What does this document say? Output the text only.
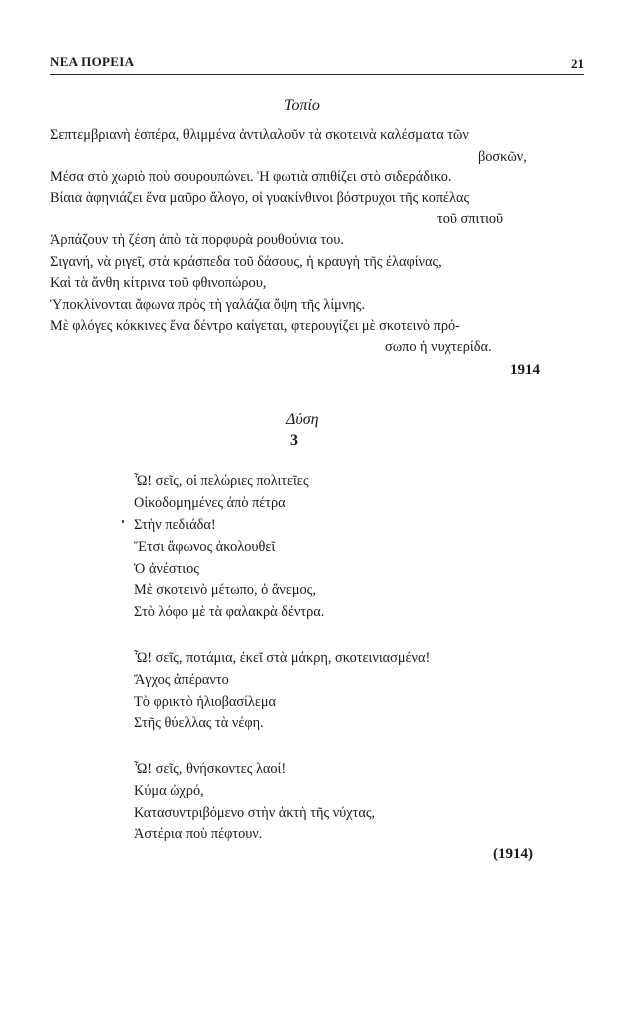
ΝΕΑ ΠΟΡΕΙΑ	21
Τοπίο
Σεπτεμβριανὴ ἑσπέρα, θλιμμένα ἀντιλαλοῦν τὰ σκοτεινὰ καλέσματα τῶν
βοσκῶν,
Μέσα στὸ χωριὸ ποὺ σουρουπώνει. Ἡ φωτιὰ σπιθίζει στὸ σιδεράδικο.
Βίαια ἀφηνιάζει ἕνα μαῦρο ἄλογο, οἱ γυακίνθινοι βόστρυχοι τῆς κοπέλας
τοῦ σπιτιοῦ
Ἁρπάζουν τὴ ζέση ἀπὸ τὰ πορφυρὰ ρουθούνια του.
Σιγανή, νὰ ριγεῖ, στὰ κράσπεδα τοῦ δάσους, ἡ κραυγὴ τῆς ἐλαφίνας,
Καὶ τὰ ἄνθη κίτρινα τοῦ φθινοπώρου,
Ὑποκλίνονται ἄφωνα πρὸς τὴ γαλάζια ὄψη τῆς λίμνης.
Μὲ φλόγες κόκκινες ἕνα δέντρο καίγεται, φτερουγίζει μὲ σκοτεινὸ πρό-
σωπο ἡ νυχτερίδα.
1914
Δύση
3
Ὦ! σεῖς, οἱ πελώριες πολιτεῖες
Οἰκοδομημένες ἀπὸ πέτρα
Στὴν πεδιάδα!
Ἔτσι ἄφωνος ἀκολουθεῖ
Ὁ ἀνέστιος
Μὲ σκοτεινὸ μέτωπο, ὁ ἄνεμος,
Στὸ λόφο μὲ τὰ φαλακρὰ δέντρα.
Ὦ! σεῖς, ποτάμια, ἐκεῖ στὰ μάκρη, σκοτεινιασμένα!
Ἄγχος ἀπέραντο
Τὸ φρικτὸ ἡλιοβασίλεμα
Στῆς θύελλας τὰ νέφη.
Ὦ! σεῖς, θνήσκοντες λαοί!
Κύμα ὠχρό,
Κατασυντριβόμενο στὴν ἀκτὴ τῆς νύχτας,
Ἀστέρια ποὺ πέφτουν.
(1914)
